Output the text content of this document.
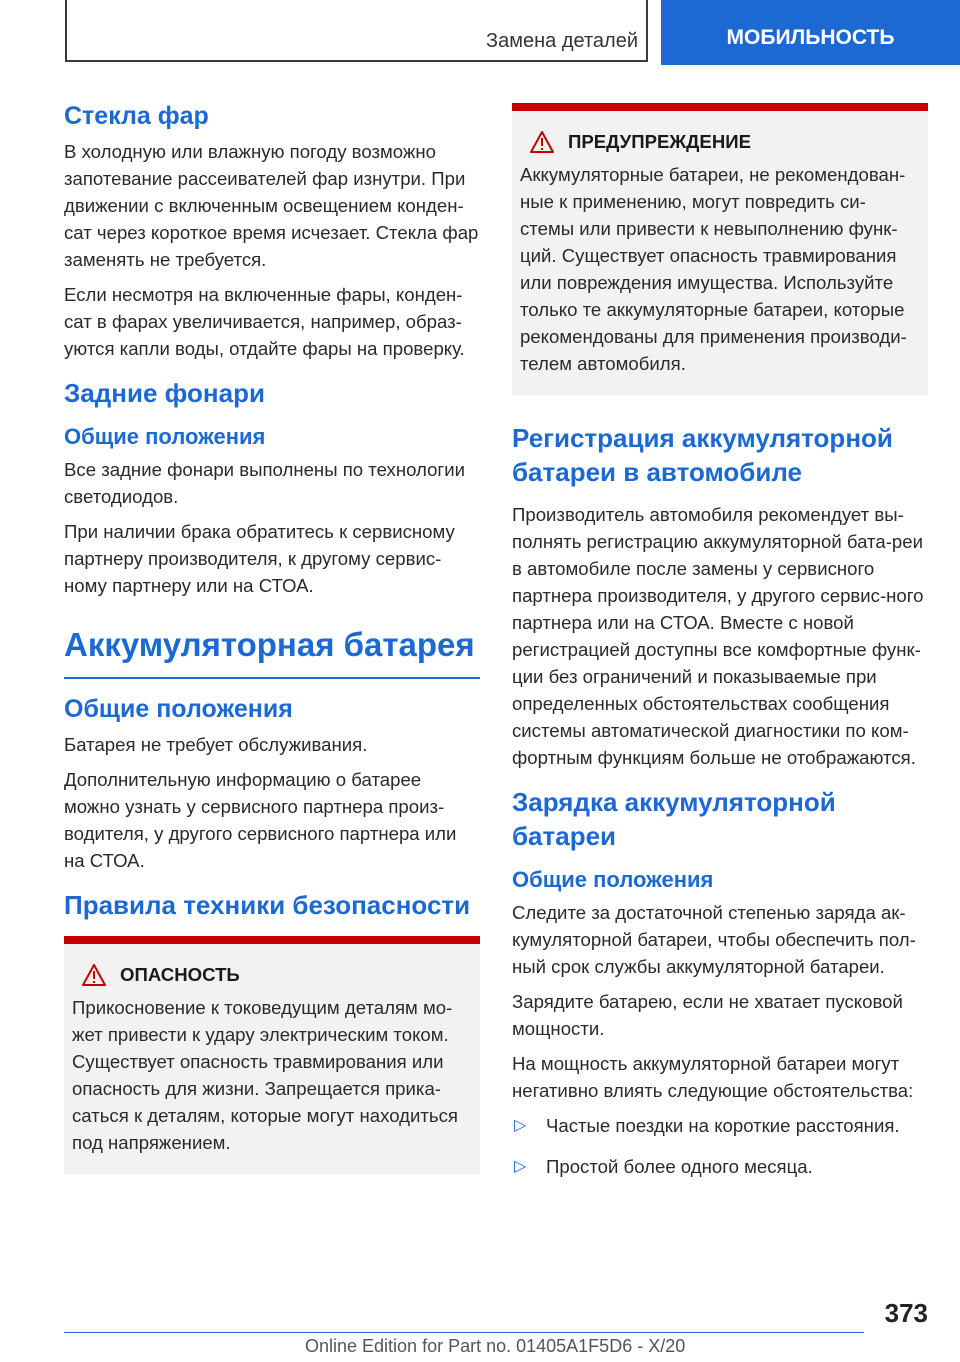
Замена деталей	МОБИЛЬНОСТЬ
Стекла фар

В холодную или влажную погоду возможно запотевание рассеивателей фар изнутри. При движении с включенным освещением конден-сат через короткое время исчезает. Стекла фар заменять не требуется.

Если несмотря на включенные фары, конден-сат в фарах увеличивается, например, образ-уются капли воды, отдайте фары на проверку.

Задние фонари
Общие положения

Все задние фонари выполнены по технологии светодиодов.

При наличии брака обратитесь к сервисному партнеру производителя, к другому сервис-ному партнеру или на СТОА.

Аккумуляторная батарея
Общие положения

Батарея не требует обслуживания.

Дополнительную информацию о батарее можно узнать у сервисного партнера произ-водителя, у другого сервисного партнера или на СТОА.

Правила техники безопасности
ОПАСНОСТЬ

Прикосновение к токоведущим деталям мо-жет привести к удару электрическим током. Существует опасность травмирования или опасность для жизни. Запрещается прика-саться к деталям, которые могут находиться под напряжением.

ПРЕДУПРЕЖДЕНИЕ

Аккумуляторные батареи, не рекомендован-ные к применению, могут повредить си-стемы или привести к невыполнению функ-ций. Существует опасность травмирования или повреждения имущества. Используйте только те аккумуляторные батареи, которые рекомендованы для применения производи-телем автомобиля.

Регистрация аккумуляторной батареи в автомобиле

Производитель автомобиля рекомендует вы-полнять регистрацию аккумуляторной бата-реи в автомобиле после замены у сервисного партнера производителя, у другого сервис-ного партнера или на СТОА. Вместе с новой регистрацией доступны все комфортные функ-ции без ограничений и показываемые при определенных обстоятельствах сообщения системы автоматической диагностики по ком-фортным функциям больше не отображаются.

Зарядка аккумуляторной батареи
Общие положения

Следите за достаточной степенью заряда ак-кумуляторной батареи, чтобы обеспечить пол-ный срок службы аккумуляторной батареи.

Зарядите батарею, если не хватает пусковой мощности.

На мощность аккумуляторной батареи могут негативно влиять следующие обстоятельства:

▷ Частые поездки на короткие расстояния.
▷ Простой более одного месяца.
373
Online Edition for Part no. 01405A1F5D6 - X/20
